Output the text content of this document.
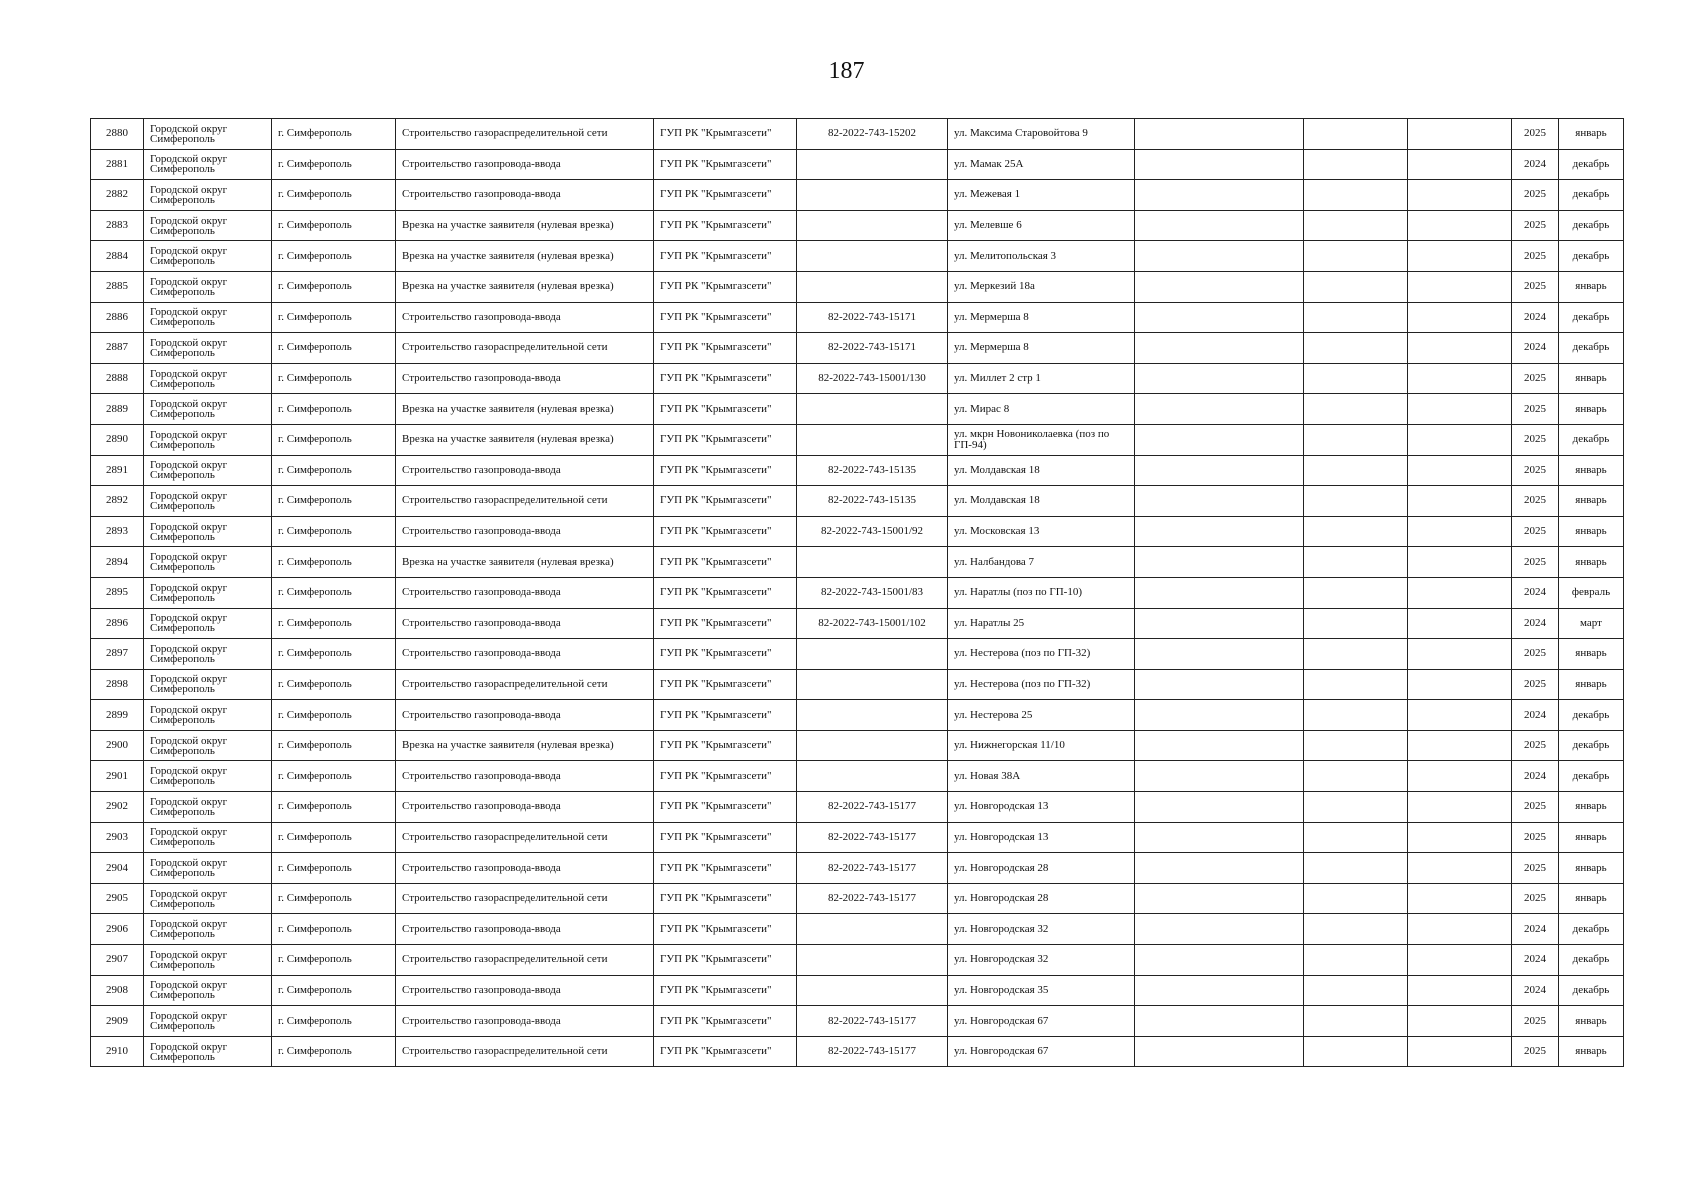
187
2880	Городской округ Симферополь	г. Симферополь	Строительство газораспределительной сети	ГУП РК "Крымгазсети"	82-2022-743-15202	ул. Максима Старовойтова 9				2025	январь
2881	Городской округ Симферополь	г. Симферополь	Строительство газопровода-ввода	ГУП РК "Крымгазсети"		ул. Мамак 25А				2024	декабрь
2882	Городской округ Симферополь	г. Симферополь	Строительство газопровода-ввода	ГУП РК "Крымгазсети"		ул. Межевая 1				2025	декабрь
2883	Городской округ Симферополь	г. Симферополь	Врезка на участке заявителя (нулевая врезка)	ГУП РК "Крымгазсети"		ул. Мелевше 6				2025	декабрь
2884	Городской округ Симферополь	г. Симферополь	Врезка на участке заявителя (нулевая врезка)	ГУП РК "Крымгазсети"		ул. Мелитопольская 3				2025	декабрь
2885	Городской округ Симферополь	г. Симферополь	Врезка на участке заявителя (нулевая врезка)	ГУП РК "Крымгазсети"		ул. Меркезий 18а				2025	январь
2886	Городской округ Симферополь	г. Симферополь	Строительство газопровода-ввода	ГУП РК "Крымгазсети"	82-2022-743-15171	ул. Мермерша 8				2024	декабрь
2887	Городской округ Симферополь	г. Симферополь	Строительство газораспределительной сети	ГУП РК "Крымгазсети"	82-2022-743-15171	ул. Мермерша 8				2024	декабрь
2888	Городской округ Симферополь	г. Симферополь	Строительство газопровода-ввода	ГУП РК "Крымгазсети"	82-2022-743-15001/130	ул. Миллет 2 стр 1				2025	январь
2889	Городской округ Симферополь	г. Симферополь	Врезка на участке заявителя (нулевая врезка)	ГУП РК "Крымгазсети"		ул. Мирас 8				2025	январь
2890	Городской округ Симферополь	г. Симферополь	Врезка на участке заявителя (нулевая врезка)	ГУП РК "Крымгазсети"		ул. мкрн Новониколаевка (поз по ГП-94)				2025	декабрь
2891	Городской округ Симферополь	г. Симферополь	Строительство газопровода-ввода	ГУП РК "Крымгазсети"	82-2022-743-15135	ул. Молдавская 18				2025	январь
2892	Городской округ Симферополь	г. Симферополь	Строительство газораспределительной сети	ГУП РК "Крымгазсети"	82-2022-743-15135	ул. Молдавская 18				2025	январь
2893	Городской округ Симферополь	г. Симферополь	Строительство газопровода-ввода	ГУП РК "Крымгазсети"	82-2022-743-15001/92	ул. Московская 13				2025	январь
2894	Городской округ Симферополь	г. Симферополь	Врезка на участке заявителя (нулевая врезка)	ГУП РК "Крымгазсети"		ул. Налбандова 7				2025	январь
2895	Городской округ Симферополь	г. Симферополь	Строительство газопровода-ввода	ГУП РК "Крымгазсети"	82-2022-743-15001/83	ул. Наратлы (поз по ГП-10)				2024	февраль
2896	Городской округ Симферополь	г. Симферополь	Строительство газопровода-ввода	ГУП РК "Крымгазсети"	82-2022-743-15001/102	ул. Наратлы 25				2024	март
2897	Городской округ Симферополь	г. Симферополь	Строительство газопровода-ввода	ГУП РК "Крымгазсети"		ул. Нестерова (поз по ГП-32)				2025	январь
2898	Городской округ Симферополь	г. Симферополь	Строительство газораспределительной сети	ГУП РК "Крымгазсети"		ул. Нестерова (поз по ГП-32)				2025	январь
2899	Городской округ Симферополь	г. Симферополь	Строительство газопровода-ввода	ГУП РК "Крымгазсети"		ул. Нестерова 25				2024	декабрь
2900	Городской округ Симферополь	г. Симферополь	Врезка на участке заявителя (нулевая врезка)	ГУП РК "Крымгазсети"		ул. Нижнегорская 11/10				2025	декабрь
2901	Городской округ Симферополь	г. Симферополь	Строительство газопровода-ввода	ГУП РК "Крымгазсети"		ул. Новая 38А				2024	декабрь
2902	Городской округ Симферополь	г. Симферополь	Строительство газопровода-ввода	ГУП РК "Крымгазсети"	82-2022-743-15177	ул. Новгородская 13				2025	январь
2903	Городской округ Симферополь	г. Симферополь	Строительство газораспределительной сети	ГУП РК "Крымгазсети"	82-2022-743-15177	ул. Новгородская 13				2025	январь
2904	Городской округ Симферополь	г. Симферополь	Строительство газопровода-ввода	ГУП РК "Крымгазсети"	82-2022-743-15177	ул. Новгородская 28				2025	январь
2905	Городской округ Симферополь	г. Симферополь	Строительство газораспределительной сети	ГУП РК "Крымгазсети"	82-2022-743-15177	ул. Новгородская 28				2025	январь
2906	Городской округ Симферополь	г. Симферополь	Строительство газопровода-ввода	ГУП РК "Крымгазсети"		ул. Новгородская 32				2024	декабрь
2907	Городской округ Симферополь	г. Симферополь	Строительство газораспределительной сети	ГУП РК "Крымгазсети"		ул. Новгородская 32				2024	декабрь
2908	Городской округ Симферополь	г. Симферополь	Строительство газопровода-ввода	ГУП РК "Крымгазсети"		ул. Новгородская 35				2024	декабрь
2909	Городской округ Симферополь	г. Симферополь	Строительство газопровода-ввода	ГУП РК "Крымгазсети"	82-2022-743-15177	ул. Новгородская 67				2025	январь
2910	Городской округ Симферополь	г. Симферополь	Строительство газораспределительной сети	ГУП РК "Крымгазсети"	82-2022-743-15177	ул. Новгородская 67				2025	январь
